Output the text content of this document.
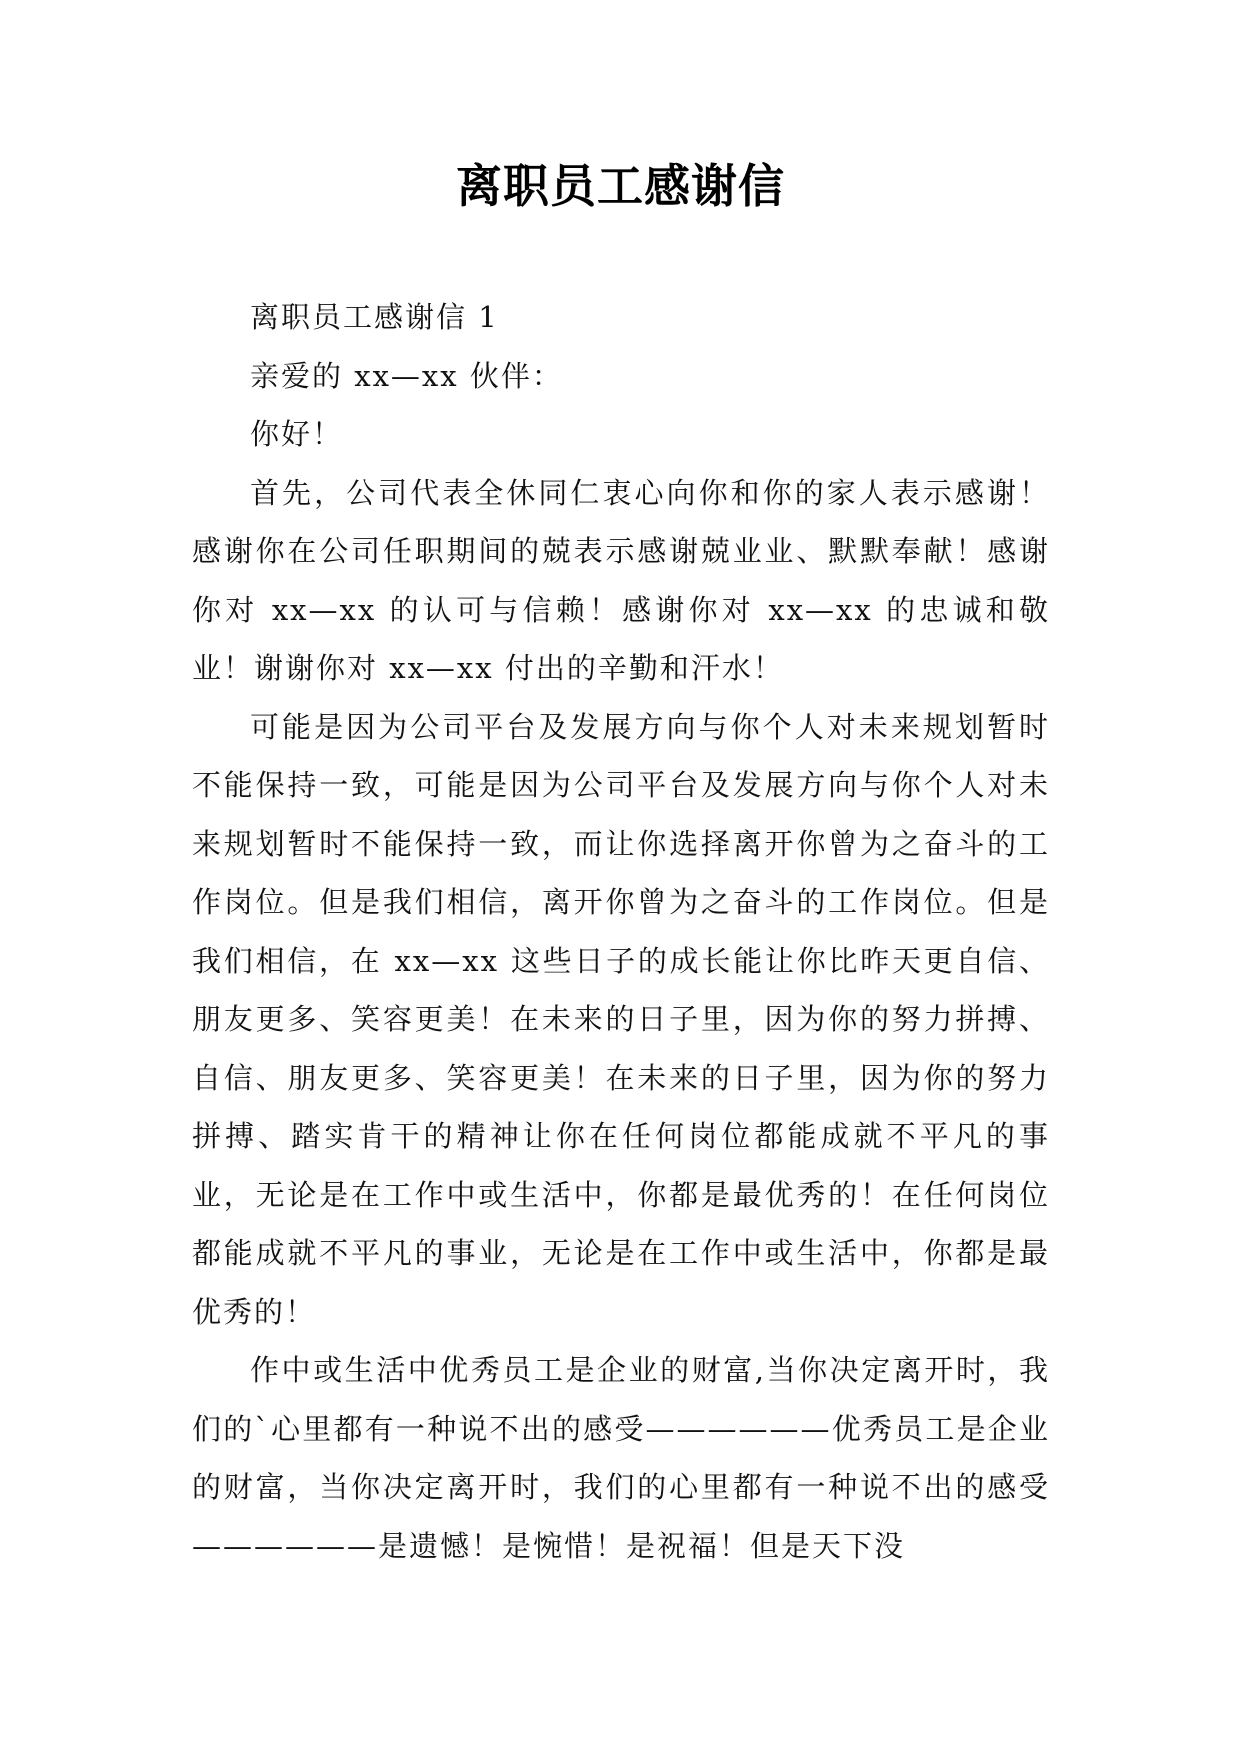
离职员工感谢信

离职员工感谢信 1

亲爱的 xx—xx 伙伴：

你好！

首先，公司代表全休同仁衷心向你和你的家人表示感谢！感谢你在公司任职期间的兢表示感谢兢业业、默默奉献！感谢你对 xx—xx 的认可与信赖！感谢你对 xx—xx 的忠诚和敬业！谢谢你对 xx—xx 付出的辛勤和汗水！

可能是因为公司平台及发展方向与你个人对未来规划暂时不能保持一致，可能是因为公司平台及发展方向与你个人对未来规划暂时不能保持一致，而让你选择离开你曾为之奋斗的工作岗位。但是我们相信，离开你曾为之奋斗的工作岗位。但是我们相信，在 xx—xx 这些日子的成长能让你比昨天更自信、朋友更多、笑容更美！在未来的日子里，因为你的努力拼搏、自信、朋友更多、笑容更美！在未来的日子里，因为你的努力拼搏、踏实肯干的精神让你在任何岗位都能成就不平凡的事业，无论是在工作中或生活中，你都是最优秀的！在任何岗位都能成就不平凡的事业，无论是在工作中或生活中，你都是最优秀的！

作中或生活中优秀员工是企业的财富,当你决定离开时，我们的`心里都有一种说不出的感受——————优秀员工是企业的财富，当你决定离开时，我们的心里都有一种说不出的感受——————是遗憾！是惋惜！是祝福！但是天下没
